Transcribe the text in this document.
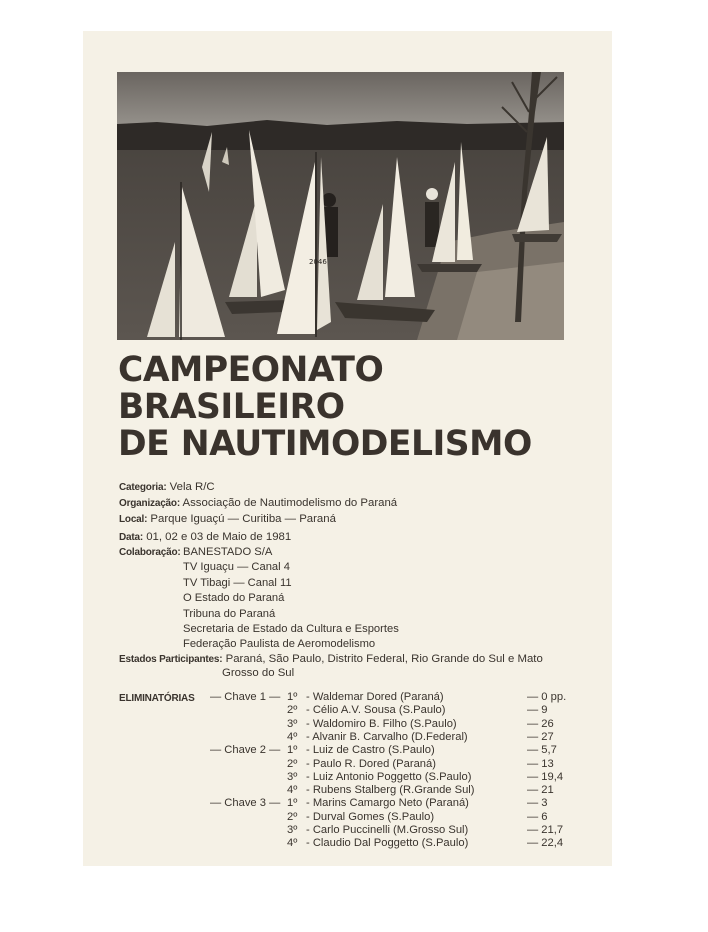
2046
CAMPEONATO
BRASILEIRO
DE NAUTIMODELISMO
Categoria: Vela R/C
Organização: Associação de Nautimodelismo do Paraná
Local: Parque Iguaçú — Curitiba — Paraná
Data: 01, 02 e 03 de Maio de 1981
Colaboração: BANESTADO S/A
TV Iguaçu — Canal 4
TV Tibagi — Canal 11
O Estado do Paraná
Tribuna do Paraná
Secretaria de Estado da Cultura e Esportes
Federação Paulista de Aeromodelismo
Estados Participantes: Paraná, São Paulo, Distrito Federal, Rio Grande do Sul e Mato
Grosso do Sul
ELIMINATÓRIAS — Chave 1 — 1º - Waldemar Dored (Paraná)	— 0 pp.
2º - Célio A.V. Sousa (S.Paulo)	— 9
3º - Waldomiro B. Filho (S.Paulo)	— 26
4º - Alvanir B. Carvalho (D.Federal)	— 27
— Chave 2 — 1º - Luiz de Castro (S.Paulo)	— 5,7
2º - Paulo R. Dored (Paraná)	— 13
3º - Luiz Antonio Poggetto (S.Paulo)	— 19,4
4º - Rubens Stalberg (R.Grande Sul)	— 21
— Chave 3 — 1º - Marins Camargo Neto (Paraná)	— 3
2º - Durval Gomes (S.Paulo)	— 6
3º - Carlo Puccinelli (M.Grosso Sul)	— 21,7
4º - Claudio Dal Poggetto (S.Paulo)	— 22,4
